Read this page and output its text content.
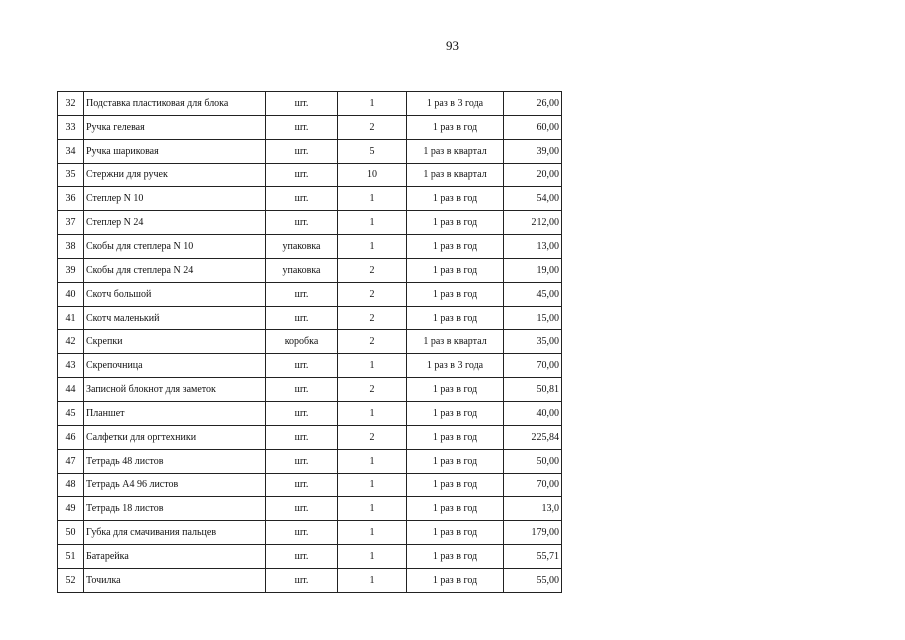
93
32	Подставка пластиковая для блока	шт.	1	1 раз в 3 года	26,00
33	Ручка гелевая	шт.	2	1 раз в год	60,00
34	Ручка шариковая	шт.	5	1 раз в квартал	39,00
35	Стержни для ручек	шт.	10	1 раз в квартал	20,00
36	Степлер N 10	шт.	1	1 раз в год	54,00
37	Степлер N 24	шт.	1	1 раз в год	212,00
38	Скобы для степлера N 10	упаковка	1	1 раз в год	13,00
39	Скобы для степлера N 24	упаковка	2	1 раз в год	19,00
40	Скотч большой	шт.	2	1 раз в год	45,00
41	Скотч маленький	шт.	2	1 раз в год	15,00
42	Скрепки	коробка	2	1 раз в квартал	35,00
43	Скрепочница	шт.	1	1 раз в 3 года	70,00
44	Записной блокнот для заметок	шт.	2	1 раз в год	50,81
45	Планшет	шт.	1	1 раз в год	40,00
46	Салфетки для оргтехники	шт.	2	1 раз в год	225,84
47	Тетрадь 48 листов	шт.	1	1 раз в год	50,00
48	Тетрадь А4 96 листов	шт.	1	1 раз в год	70,00
49	Тетрадь 18 листов	шт.	1	1 раз в год	13,0
50	Губка для смачивания пальцев	шт.	1	1 раз в год	179,00
51	Батарейка	шт.	1	1 раз в год	55,71
52	Точилка	шт.	1	1 раз в год	55,00
